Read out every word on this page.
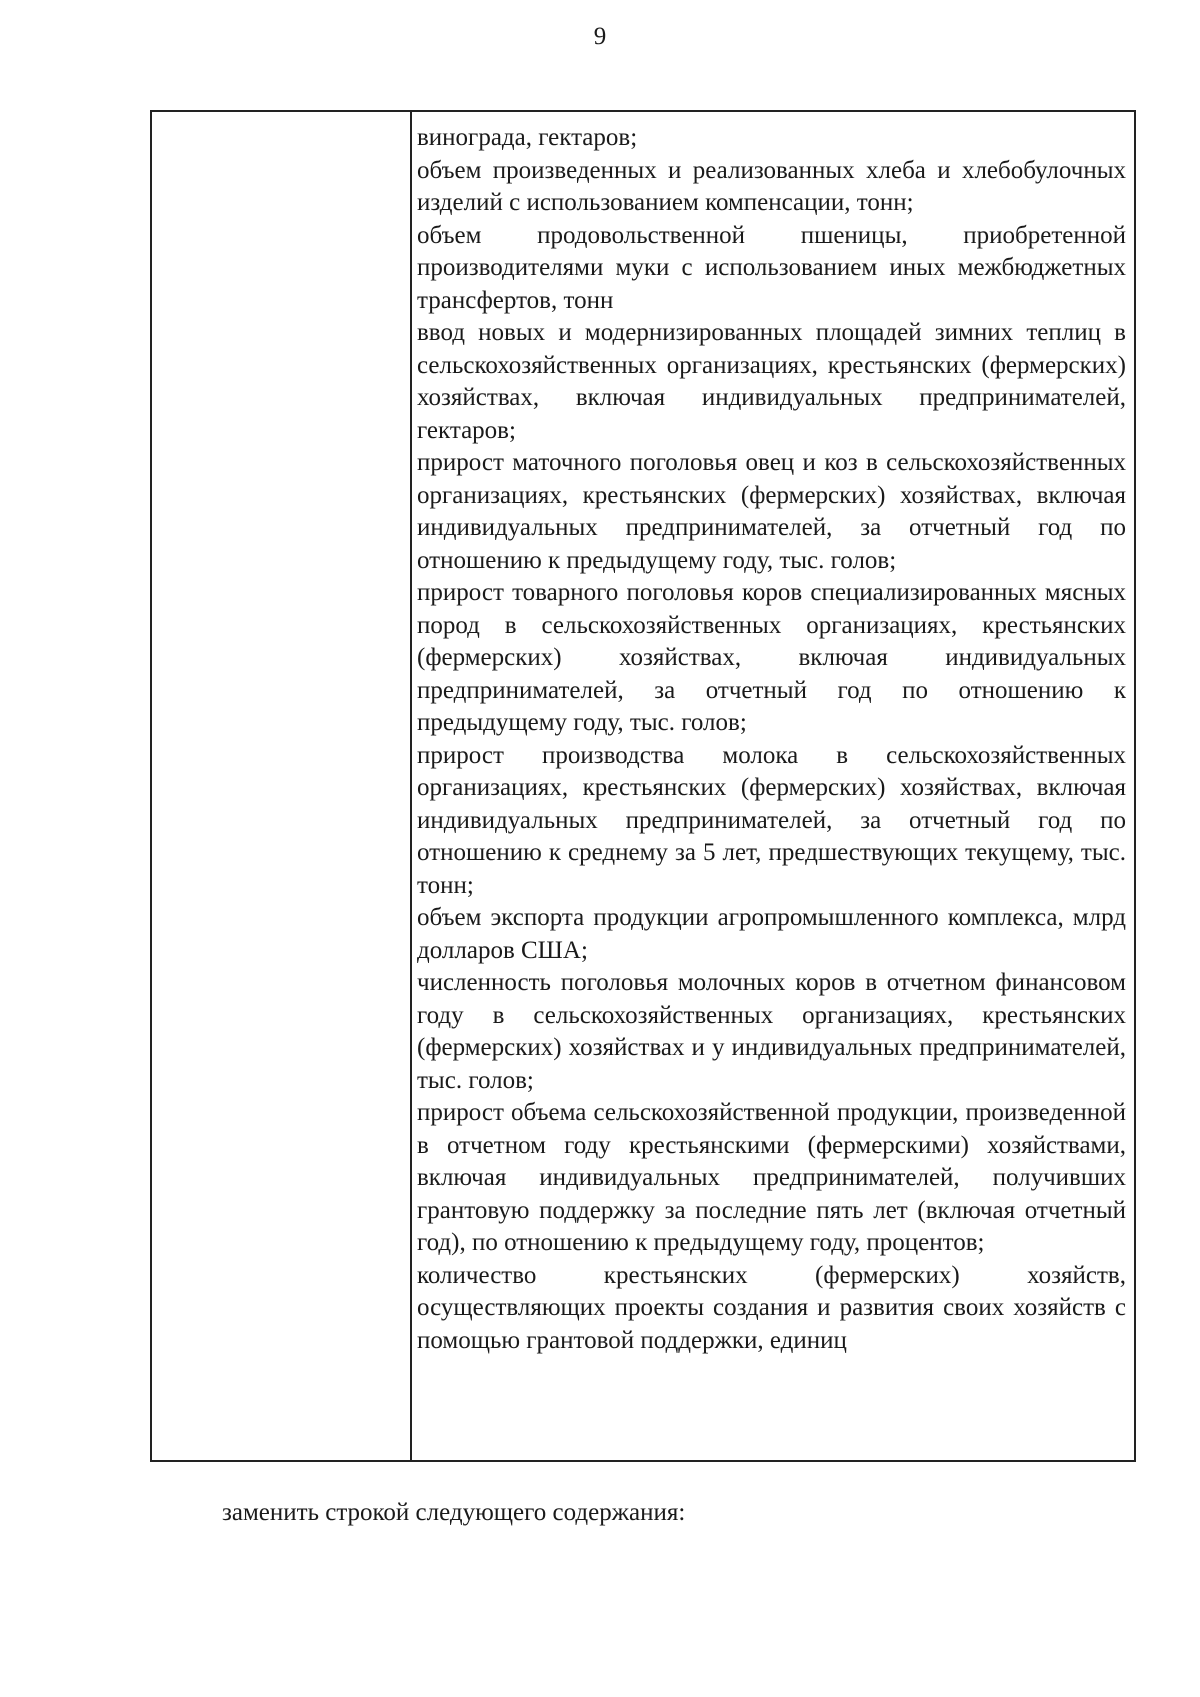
9

винограда, гектаров;

объем произведенных и реализованных хлеба и хлебобулочных изделий с использованием компенсации, тонн;

объем продовольственной пшеницы, приобретенной производителями муки с использованием иных межбюджетных трансфертов, тонн

ввод новых и модернизированных площадей зимних теплиц в сельскохозяйственных организациях, крестьянских (фермерских) хозяйствах, включая индивидуальных предпринимателей, гектаров;

прирост маточного поголовья овец и коз в сельскохозяйственных организациях, крестьянских (фермерских) хозяйствах, включая индивидуальных предпринимателей, за отчетный год по отношению к предыдущему году, тыс. голов;

прирост товарного поголовья коров специализированных мясных пород в сельскохозяйственных организациях, крестьянских (фермерских) хозяйствах, включая индивидуальных предпринимателей, за отчетный год по отношению к предыдущему году, тыс. голов;

прирост производства молока в сельскохозяйственных организациях, крестьянских (фермерских) хозяйствах, включая индивидуальных предпринимателей, за отчетный год по отношению к среднему за 5 лет, предшествующих текущему, тыс. тонн;

объем экспорта продукции агропромышленного комплекса, млрд долларов США;

численность поголовья молочных коров в отчетном финансовом году в сельскохозяйственных организациях, крестьянских (фермерских) хозяйствах и у индивидуальных предпринимателей, тыс. голов;

прирост объема сельскохозяйственной продукции, произведенной в отчетном году крестьянскими (фермерскими) хозяйствами, включая индивидуальных предпринимателей, получивших грантовую поддержку за последние пять лет (включая отчетный год), по отношению к предыдущему году, процентов;

количество крестьянских (фермерских) хозяйств, осуществляющих проекты создания и развития своих хозяйств с помощью грантовой поддержки, единиц

заменить строкой следующего содержания:
